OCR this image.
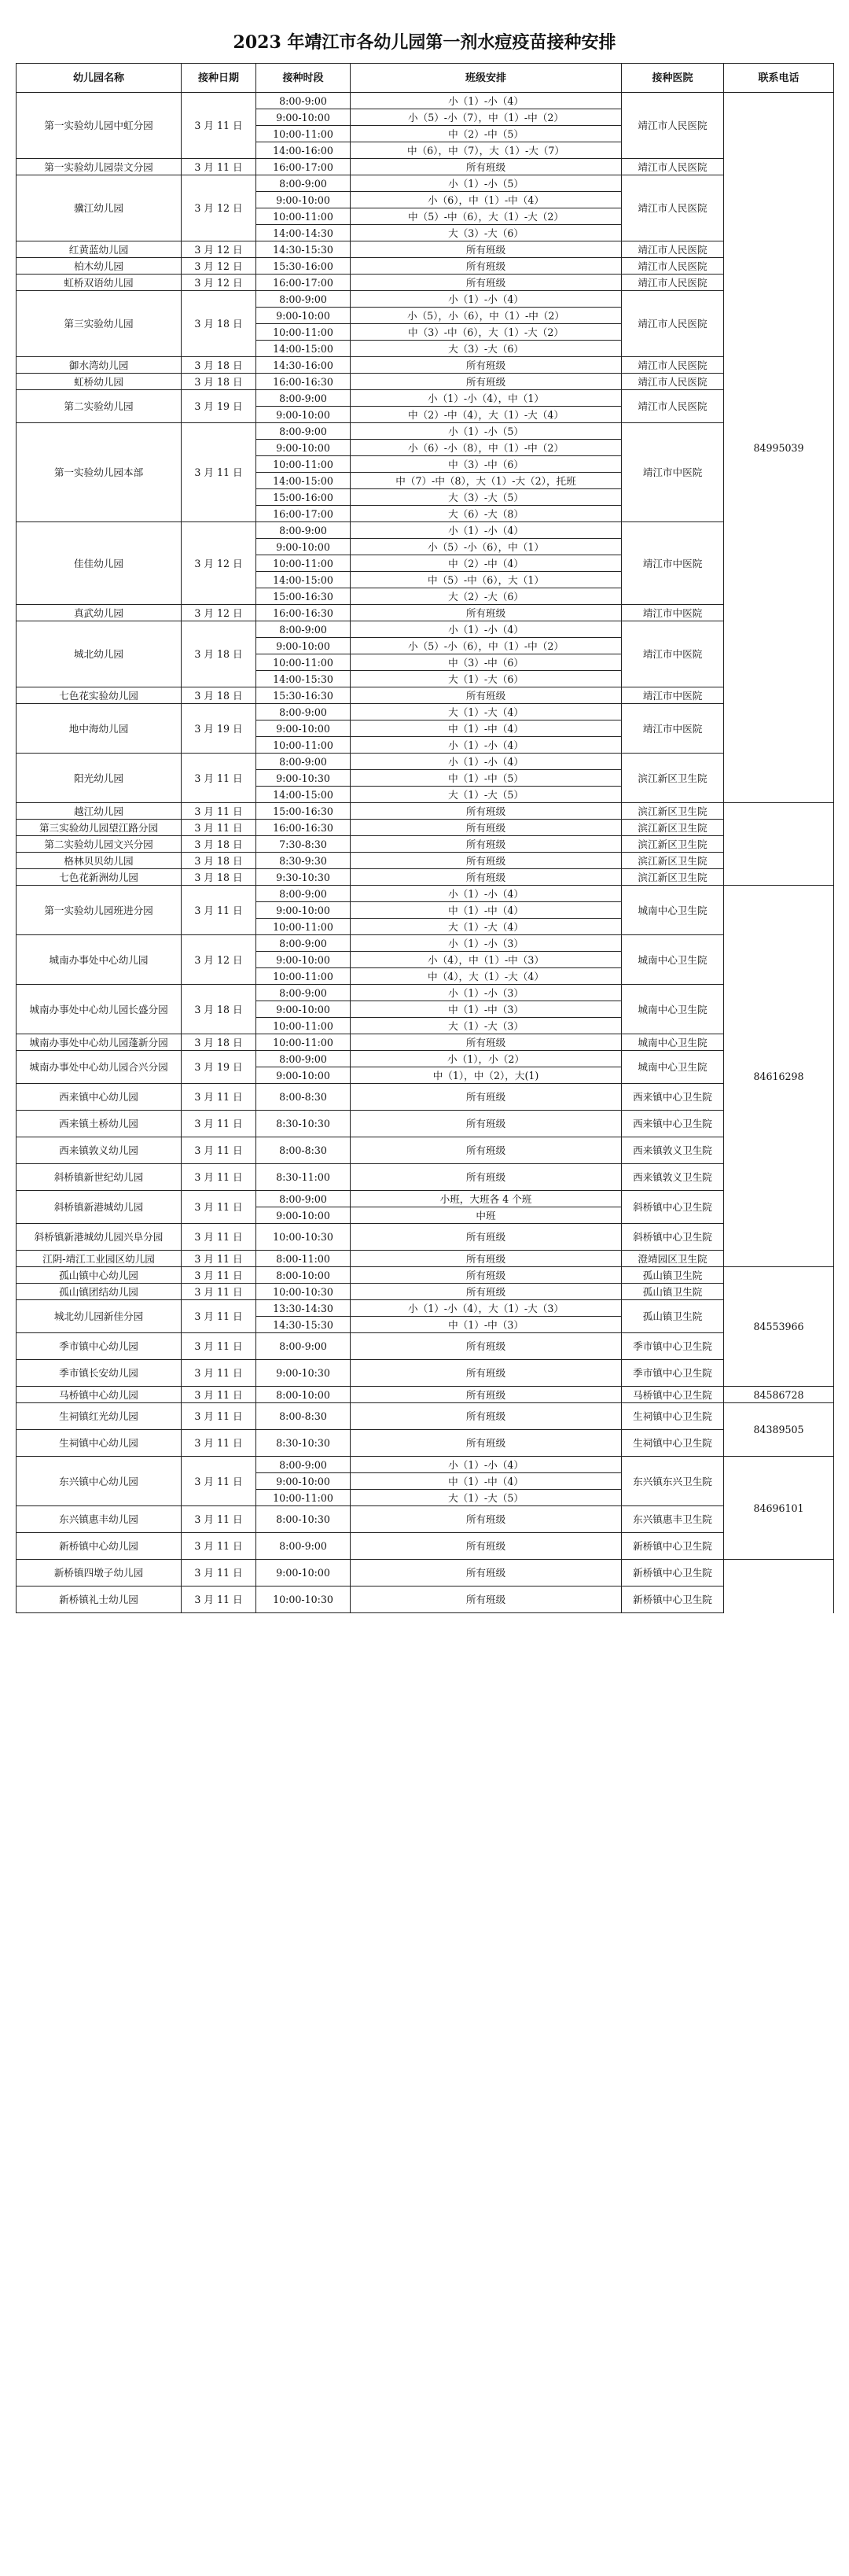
2023 年靖江市各幼儿园第一剂水痘疫苗接种安排
幼儿园名称	接种日期	接种时段	班级安排	接种医院	联系电话	
第一实验幼儿园中虹分园	3 月 11 日	8:00-9:00	小（1）-小（4）	靖江市人民医院	84995039	
		9:00-10:00	小（5）-小（7），中（1）-中（2）			
		10:00-11:00	中（2）-中（5）			
		14:00-16:00	中（6），中（7），大（1）-大（7）			
第一实验幼儿园崇文分园	3 月 11 日	16:00-17:00	所有班级	靖江市人民医院		
骥江幼儿园	3 月 12 日	8:00-9:00	小（1）-小（5）	靖江市人民医院		
		9:00-10:00	小（6），中（1）-中（4）			
		10:00-11:00	中（5）-中（6），大（1）-大（2）			
		14:00-14:30	大（3）-大（6）			
红黄蓝幼儿园	3 月 12 日	14:30-15:30	所有班级	靖江市人民医院		
柏木幼儿园	3 月 12 日	15:30-16:00	所有班级	靖江市人民医院		
虹桥双语幼儿园	3 月 12 日	16:00-17:00	所有班级	靖江市人民医院		
第三实验幼儿园	3 月 18 日	8:00-9:00	小（1）-小（4）	靖江市人民医院		
		9:00-10:00	小（5），小（6），中（1）-中（2）			
		10:00-11:00	中（3）-中（6），大（1）-大（2）			
		14:00-15:00	大（3）-大（6）			
御水湾幼儿园	3 月 18 日	14:30-16:00	所有班级	靖江市人民医院		
虹桥幼儿园	3 月 18 日	16:00-16:30	所有班级	靖江市人民医院		
第二实验幼儿园	3 月 19 日	8:00-9:00	小（1）-小（4），中（1）	靖江市人民医院		
		9:00-10:00	中（2）-中（4），大（1）-大（4）			
第一实验幼儿园本部	3 月 11 日	8:00-9:00	小（1）-小（5）	靖江市中医院	
		9:00-10:00	小（6）-小（8），中（1）-中（2）			
		10:00-11:00	中（3）-中（6）			
		14:00-15:00	中（7）-中（8），大（1）-大（2），托班			
		15:00-16:00	大（3）-大（5）			
		16:00-17:00	大（6）-大（8）			
佳佳幼儿园	3 月 12 日	8:00-9:00	小（1）-小（4）	靖江市中医院		
		9:00-10:00	小（5）-小（6），中（1）			
		10:00-11:00	中（2）-中（4）			
		14:00-15:00	中（5）-中（6），大（1）			
		15:00-16:30	大（2）-大（6）			
真武幼儿园	3 月 12 日	16:00-16:30	所有班级	靖江市中医院		
城北幼儿园	3 月 18 日	8:00-9:00	小（1）-小（4）	靖江市中医院		
		9:00-10:00	小（5）-小（6），中（1）-中（2）			
		10:00-11:00	中（3）-中（6）			
		14:00-15:30	大（1）-大（6）			
七色花实验幼儿园	3 月 18 日	15:30-16:30	所有班级	靖江市中医院		
地中海幼儿园	3 月 19 日	8:00-9:00	大（1）-大（4）	靖江市中医院		
		9:00-10:00	中（1）-中（4）			
		10:00-11:00	小（1）-小（4）			
阳光幼儿园	3 月 11 日	8:00-9:00	小（1）-小（4）	滨江新区卫生院	
		9:00-10:30	中（1）-中（5）			
		14:00-15:00	大（1）-大（5）			
越江幼儿园	3 月 11 日	15:00-16:30	所有班级	滨江新区卫生院		
第三实验幼儿园望江路分园	3 月 11 日	16:00-16:30	所有班级	滨江新区卫生院		
第二实验幼儿园文兴分园	3 月 18 日	7:30-8:30	所有班级	滨江新区卫生院		
格林贝贝幼儿园	3 月 18 日	8:30-9:30	所有班级	滨江新区卫生院		
七色花新洲幼儿园	3 月 18 日	9:30-10:30	所有班级	滨江新区卫生院		
第一实验幼儿园班进分园	3 月 11 日	8:00-9:00	小（1）-小（4）	城南中心卫生院	84616298	
		9:00-10:00	中（1）-中（4）			
		10:00-11:00	大（1）-大（4）			
城南办事处中心幼儿园	3 月 12 日	8:00-9:00	小（1）-小（3）	城南中心卫生院		
		9:00-10:00	小（4），中（1）-中（3）			
		10:00-11:00	中（4），大（1）-大（4）			
城南办事处中心幼儿园长盛分园	3 月 18 日	8:00-9:00	小（1）-小（3）	城南中心卫生院		
		9:00-10:00	中（1）-中（3）			
		10:00-11:00	大（1）-大（3）			
城南办事处中心幼儿园蓬新分园	3 月 18 日	10:00-11:00	所有班级	城南中心卫生院		
城南办事处中心幼儿园合兴分园	3 月 19 日	8:00-9:00	小（1），小（2）	城南中心卫生院		
		9:00-10:00	中（1），中（2），大(1)			
西来镇中心幼儿园	3 月 11 日	8:00-8:30	所有班级	西来镇中心卫生院	
西来镇土桥幼儿园	3 月 11 日	8:30-10:30	所有班级	西来镇中心卫生院		
西来镇敦义幼儿园	3 月 11 日	8:00-8:30	所有班级	西来镇敦义卫生院	
斜桥镇新世纪幼儿园	3 月 11 日	8:30-11:00	所有班级	西来镇敦义卫生院		
斜桥镇新港城幼儿园	3 月 11 日	8:00-9:00	小班，大班各 4 个班	斜桥镇中心卫生院	
		9:00-10:00	中班			
斜桥镇新港城幼儿园兴阜分园	3 月 11 日	10:00-10:30	所有班级	斜桥镇中心卫生院		
江阴-靖江工业园区幼儿园	3 月 11 日	8:00-11:00	所有班级	澄靖园区卫生院	
孤山镇中心幼儿园	3 月 11 日	8:00-10:00	所有班级	孤山镇卫生院	84553966	
孤山镇团结幼儿园	3 月 11 日	10:00-10:30	所有班级	孤山镇卫生院		
城北幼儿园新佳分园	3 月 11 日	13:30-14:30	小（1）-小（4），大（1）-大（3）	孤山镇卫生院		
		14:30-15:30	中（1）-中（3）			
季市镇中心幼儿园	3 月 11 日	8:00-9:00	所有班级	季市镇中心卫生院	
季市镇长安幼儿园	3 月 11 日	9:00-10:30	所有班级	季市镇中心卫生院		
马桥镇中心幼儿园	3 月 11 日	8:00-10:00	所有班级	马桥镇中心卫生院	84586728	
生祠镇红光幼儿园	3 月 11 日	8:00-8:30	所有班级	生祠镇中心卫生院	84389505	
生祠镇中心幼儿园	3 月 11 日	8:30-10:30	所有班级	生祠镇中心卫生院		
东兴镇中心幼儿园	3 月 11 日	8:00-9:00	小（1）-小（4）	东兴镇东兴卫生院	84696101	
		9:00-10:00	中（1）-中（4）			
		10:00-11:00	大（1）-大（5）			
东兴镇惠丰幼儿园	3 月 11 日	8:00-10:30	所有班级	东兴镇惠丰卫生院	
新桥镇中心幼儿园	3 月 11 日	8:00-9:00	所有班级	新桥镇中心卫生院	
新桥镇四墩子幼儿园	3 月 11 日	9:00-10:00	所有班级	新桥镇中心卫生院		
新桥镇礼士幼儿园	3 月 11 日	10:00-10:30	所有班级	新桥镇中心卫生院		
